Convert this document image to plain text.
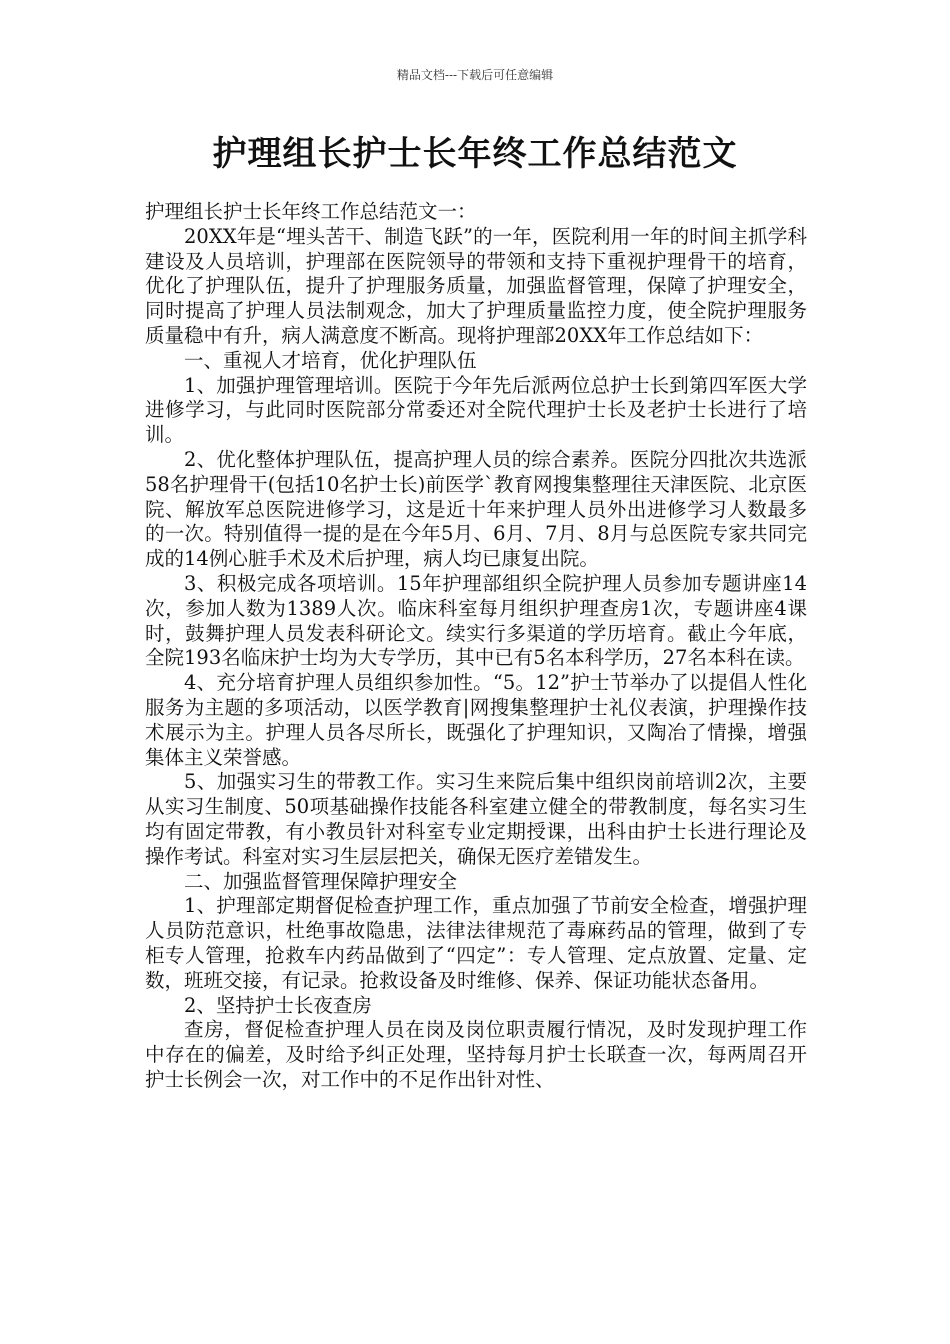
精品文档---下载后可任意编辑
护理组长护士长年终工作总结范文

护理组长护士长年终工作总结范文一：

20XX年是“埋头苦干、制造飞跃”的一年，医院利用一年的时间主抓学科建设及人员培训，护理部在医院领导的带领和支持下重视护理骨干的培育，优化了护理队伍，提升了护理服务质量，加强监督管理，保障了护理安全，同时提高了护理人员法制观念，加大了护理质量监控力度，使全院护理服务质量稳中有升，病人满意度不断高。现将护理部20XX年工作总结如下：

一、重视人才培育，优化护理队伍

1、加强护理管理培训。医院于今年先后派两位总护士长到第四军医大学进修学习，与此同时医院部分常委还对全院代理护士长及老护士长进行了培训。

2、优化整体护理队伍，提高护理人员的综合素养。医院分四批次共选派58名护理骨干(包括10名护士长)前医学`教育网搜集整理往天津医院、北京医院、解放军总医院进修学习，这是近十年来护理人员外出进修学习人数最多的一次。特别值得一提的是在今年5月、6月、7月、8月与总医院专家共同完成的14例心脏手术及术后护理，病人均已康复出院。

3、积极完成各项培训。15年护理部组织全院护理人员参加专题讲座14次，参加人数为1389人次。临床科室每月组织护理查房1次，专题讲座4课时，鼓舞护理人员发表科研论文。续实行多渠道的学历培育。截止今年底，全院193名临床护士均为大专学历，其中已有5名本科学历，27名本科在读。

4、充分培育护理人员组织参加性。“5。12”护士节举办了以提倡人性化服务为主题的多项活动，以医学教育|网搜集整理护士礼仪表演，护理操作技术展示为主。护理人员各尽所长，既强化了护理知识，又陶冶了情操，增强集体主义荣誉感。

5、加强实习生的带教工作。实习生来院后集中组织岗前培训2次，主要从实习生制度、50项基础操作技能各科室建立健全的带教制度，每名实习生均有固定带教，有小教员针对科室专业定期授课，出科由护士长进行理论及操作考试。科室对实习生层层把关，确保无医疗差错发生。

二、加强监督管理保障护理安全

1、护理部定期督促检查护理工作，重点加强了节前安全检查，增强护理人员防范意识，杜绝事故隐患，法律法律规范了毒麻药品的管理，做到了专柜专人管理，抢救车内药品做到了“四定”：专人管理、定点放置、定量、定数，班班交接，有记录。抢救设备及时维修、保养、保证功能状态备用。

2、坚持护士长夜查房

查房，督促检查护理人员在岗及岗位职责履行情况，及时发现护理工作中存在的偏差，及时给予纠正处理，坚持每月护士长联查一次，每两周召开护士长例会一次，对工作中的不足作出针对性、
